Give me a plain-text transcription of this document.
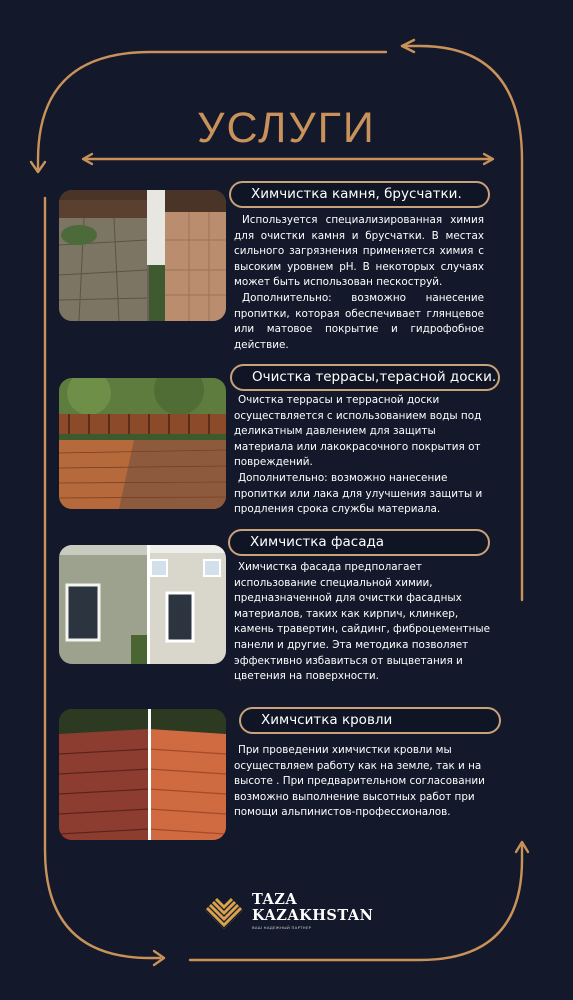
УСЛУГИ
Химчистка камня, брусчатки.

Используется специализированная химия для очистки камня и брусчатки. В местах сильного загрязнения применяется химия с высоким уровнем pH. В некоторых случаях может быть использован пескоструй.

Дополнительно: возможно нанесение пропитки, которая обеспечивает глянцевое или матовое покрытие и гидрофобное действие.

Очистка террасы,терасной доски.

Очистка террасы и террасной доски осуществляется с использованием воды под деликатным давлением для защиты материала или лакокрасочного покрытия от повреждений.

Дополнительно: возможно нанесение пропитки или лака для улучшения защиты и продления срока службы материала.

Химчистка фасада

Химчистка фасада предполагает использование специальной химии, предназначенной для очистки фасадных материалов, таких как кирпич, клинкер, камень травертин, сайдинг, фиброцементные панели и другие. Эта методика позволяет эффективно избавиться от выцветания и цветения на поверхности.

Химчситка кровли

При проведении химчистки кровли мы осуществляем работу как на земле, так и на высоте . При предварительном согласовании возможно выполнение высотных работ при помощи альпинистов-профессионалов.

TAZA
KAZAKHSTAN
ВАШ НАДЕЖНЫЙ ПАРТНЕР
